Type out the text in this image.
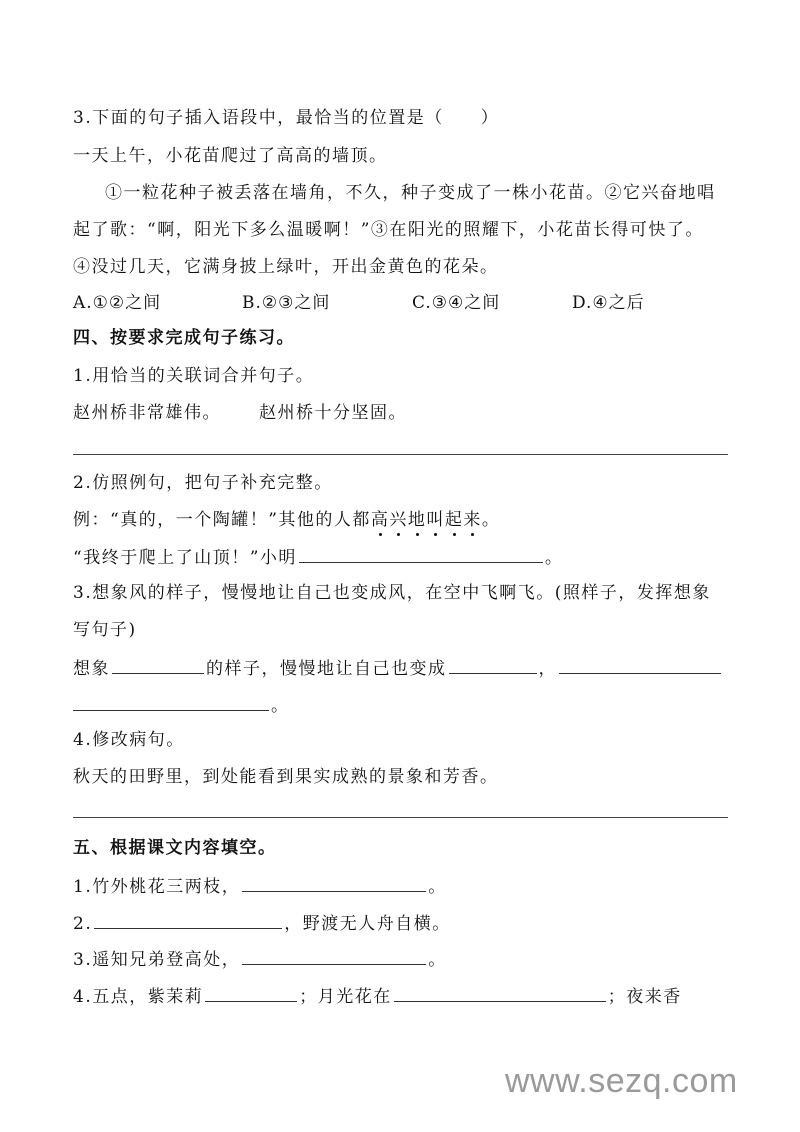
3.下面的句子插入语段中，最恰当的位置是（　　）
一天上午，小花苗爬过了高高的墙顶。
①一粒花种子被丢落在墙角，不久，种子变成了一株小花苗。②它兴奋地唱
起了歌：“啊，阳光下多么温暖啊！”③在阳光的照耀下，小花苗长得可快了。
④没过几天，它满身披上绿叶，开出金黄色的花朵。
A.①②之间	B.②③之间	C.③④之间	D.④之后
四、按要求完成句子练习。
1.用恰当的关联词合并句子。
赵州桥非常雄伟。 赵州桥十分坚固。
2.仿照例句，把句子补充完整。
例：“真的，一个陶罐！”其他的人都高兴地叫起来。
“我终于爬上了山顶！”小明	。
3.想象风的样子，慢慢地让自己也变成风，在空中飞啊飞。(照样子，发挥想象
写句子)
想象	的样子，慢慢地让自己也变成	，
。
4.修改病句。
秋天的田野里，到处能看到果实成熟的景象和芳香。
五、根据课文内容填空。
1.竹外桃花三两枝，	。
2.	，野渡无人舟自横。
3.遥知兄弟登高处，	。
4.五点，紫茉莉	；月光花在	；夜来香
www.sezq.com
